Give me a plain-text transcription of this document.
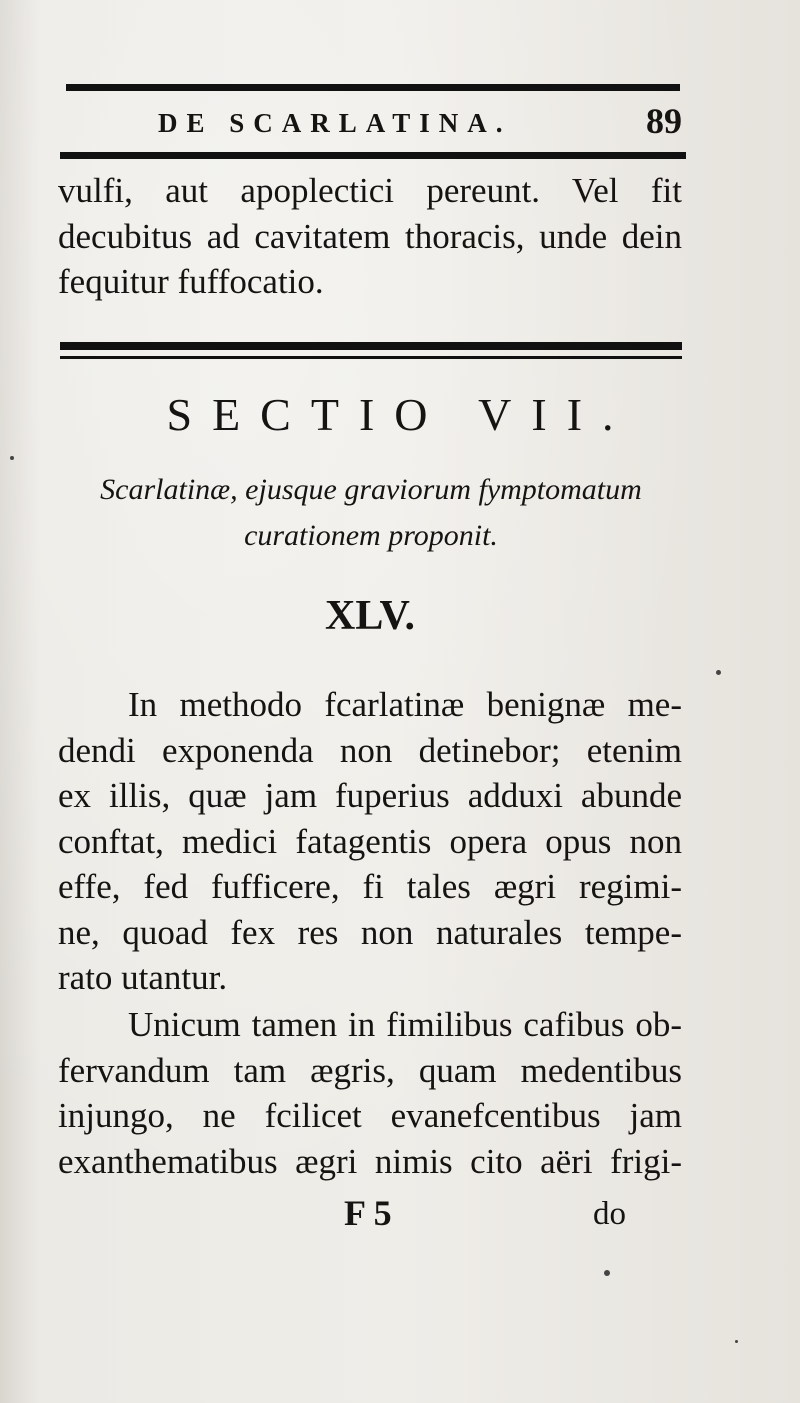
DE SCARLATINA.	89
vulfi, aut apoplectici pereunt. Vel fit
decubitus ad cavitatem thoracis, unde dein
fequitur fuffocatio.
SECTIO VII.
Scarlatinæ, ejusque graviorum fymptomatum
curationem proponit.
XLV.
In methodo fcarlatinæ benignæ me-
dendi exponenda non detinebor; etenim
ex illis, quæ jam fuperius adduxi abunde
conftat, medici fatagentis opera opus non
effe, fed fufficere, fi tales ægri regimi-
ne, quoad fex res non naturales tempe-
rato utantur.
Unicum tamen in fimilibus cafibus ob-
fervandum tam ægris, quam medentibus
injungo, ne fcilicet evanefcentibus jam
exanthematibus ægri nimis cito aëri frigi-
F 5	do
